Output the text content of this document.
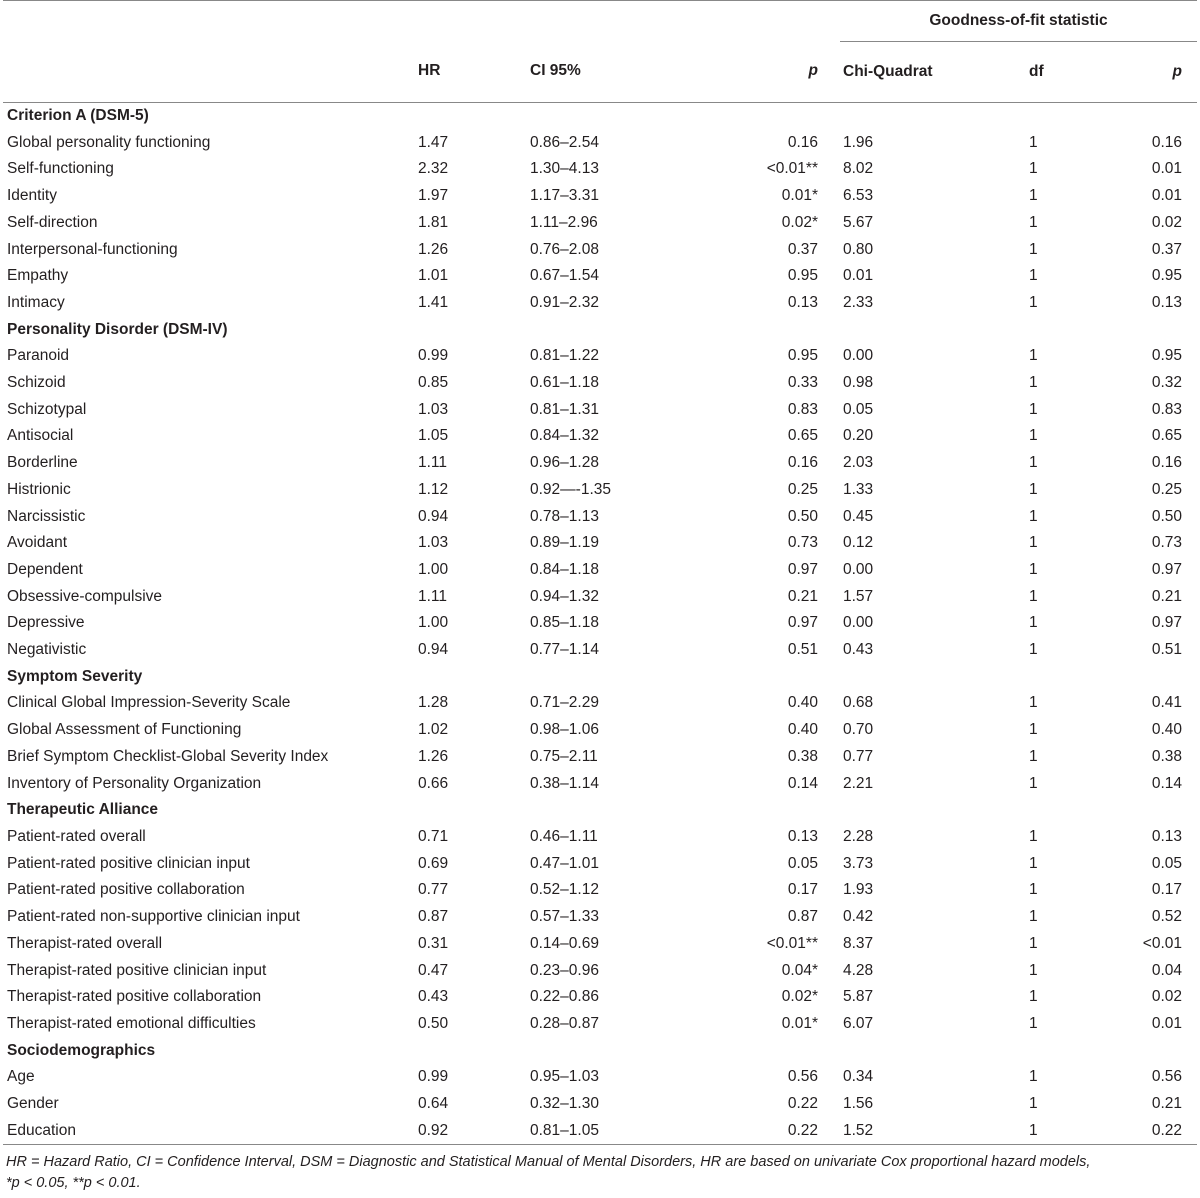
				Goodness-of-fit statistic		
	HR	CI 95%	p	Chi-Quadrat	df	p
Criterion A (DSM-5)						
Global personality functioning	1.47	0.86–2.54	0.16	1.96	1	0.16
Self-functioning	2.32	1.30–4.13	<0.01**	8.02	1	0.01
Identity	1.97	1.17–3.31	0.01*	6.53	1	0.01
Self-direction	1.81	1.11–2.96	0.02*	5.67	1	0.02
Interpersonal-functioning	1.26	0.76–2.08	0.37	0.80	1	0.37
Empathy	1.01	0.67–1.54	0.95	0.01	1	0.95
Intimacy	1.41	0.91–2.32	0.13	2.33	1	0.13
Personality Disorder (DSM-IV)						
Paranoid	0.99	0.81–1.22	0.95	0.00	1	0.95
Schizoid	0.85	0.61–1.18	0.33	0.98	1	0.32
Schizotypal	1.03	0.81–1.31	0.83	0.05	1	0.83
Antisocial	1.05	0.84–1.32	0.65	0.20	1	0.65
Borderline	1.11	0.96–1.28	0.16	2.03	1	0.16
Histrionic	1.12	0.92—-1.35	0.25	1.33	1	0.25
Narcissistic	0.94	0.78–1.13	0.50	0.45	1	0.50
Avoidant	1.03	0.89–1.19	0.73	0.12	1	0.73
Dependent	1.00	0.84–1.18	0.97	0.00	1	0.97
Obsessive-compulsive	1.11	0.94–1.32	0.21	1.57	1	0.21
Depressive	1.00	0.85–1.18	0.97	0.00	1	0.97
Negativistic	0.94	0.77–1.14	0.51	0.43	1	0.51
Symptom Severity						
Clinical Global Impression-Severity Scale	1.28	0.71–2.29	0.40	0.68	1	0.41
Global Assessment of Functioning	1.02	0.98–1.06	0.40	0.70	1	0.40
Brief Symptom Checklist-Global Severity Index	1.26	0.75–2.11	0.38	0.77	1	0.38
Inventory of Personality Organization	0.66	0.38–1.14	0.14	2.21	1	0.14
Therapeutic Alliance						
Patient-rated overall	0.71	0.46–1.11	0.13	2.28	1	0.13
Patient-rated positive clinician input	0.69	0.47–1.01	0.05	3.73	1	0.05
Patient-rated positive collaboration	0.77	0.52–1.12	0.17	1.93	1	0.17
Patient-rated non-supportive clinician input	0.87	0.57–1.33	0.87	0.42	1	0.52
Therapist-rated overall	0.31	0.14–0.69	<0.01**	8.37	1	<0.01
Therapist-rated positive clinician input	0.47	0.23–0.96	0.04*	4.28	1	0.04
Therapist-rated positive collaboration	0.43	0.22–0.86	0.02*	5.87	1	0.02
Therapist-rated emotional difficulties	0.50	0.28–0.87	0.01*	6.07	1	0.01
Sociodemographics						
Age	0.99	0.95–1.03	0.56	0.34	1	0.56
Gender	0.64	0.32–1.30	0.22	1.56	1	0.21
Education	0.92	0.81–1.05	0.22	1.52	1	0.22
HR = Hazard Ratio, CI = Confidence Interval, DSM = Diagnostic and Statistical Manual of Mental Disorders, HR are based on univariate Cox proportional hazard models,
*p < 0.05, **p < 0.01.
